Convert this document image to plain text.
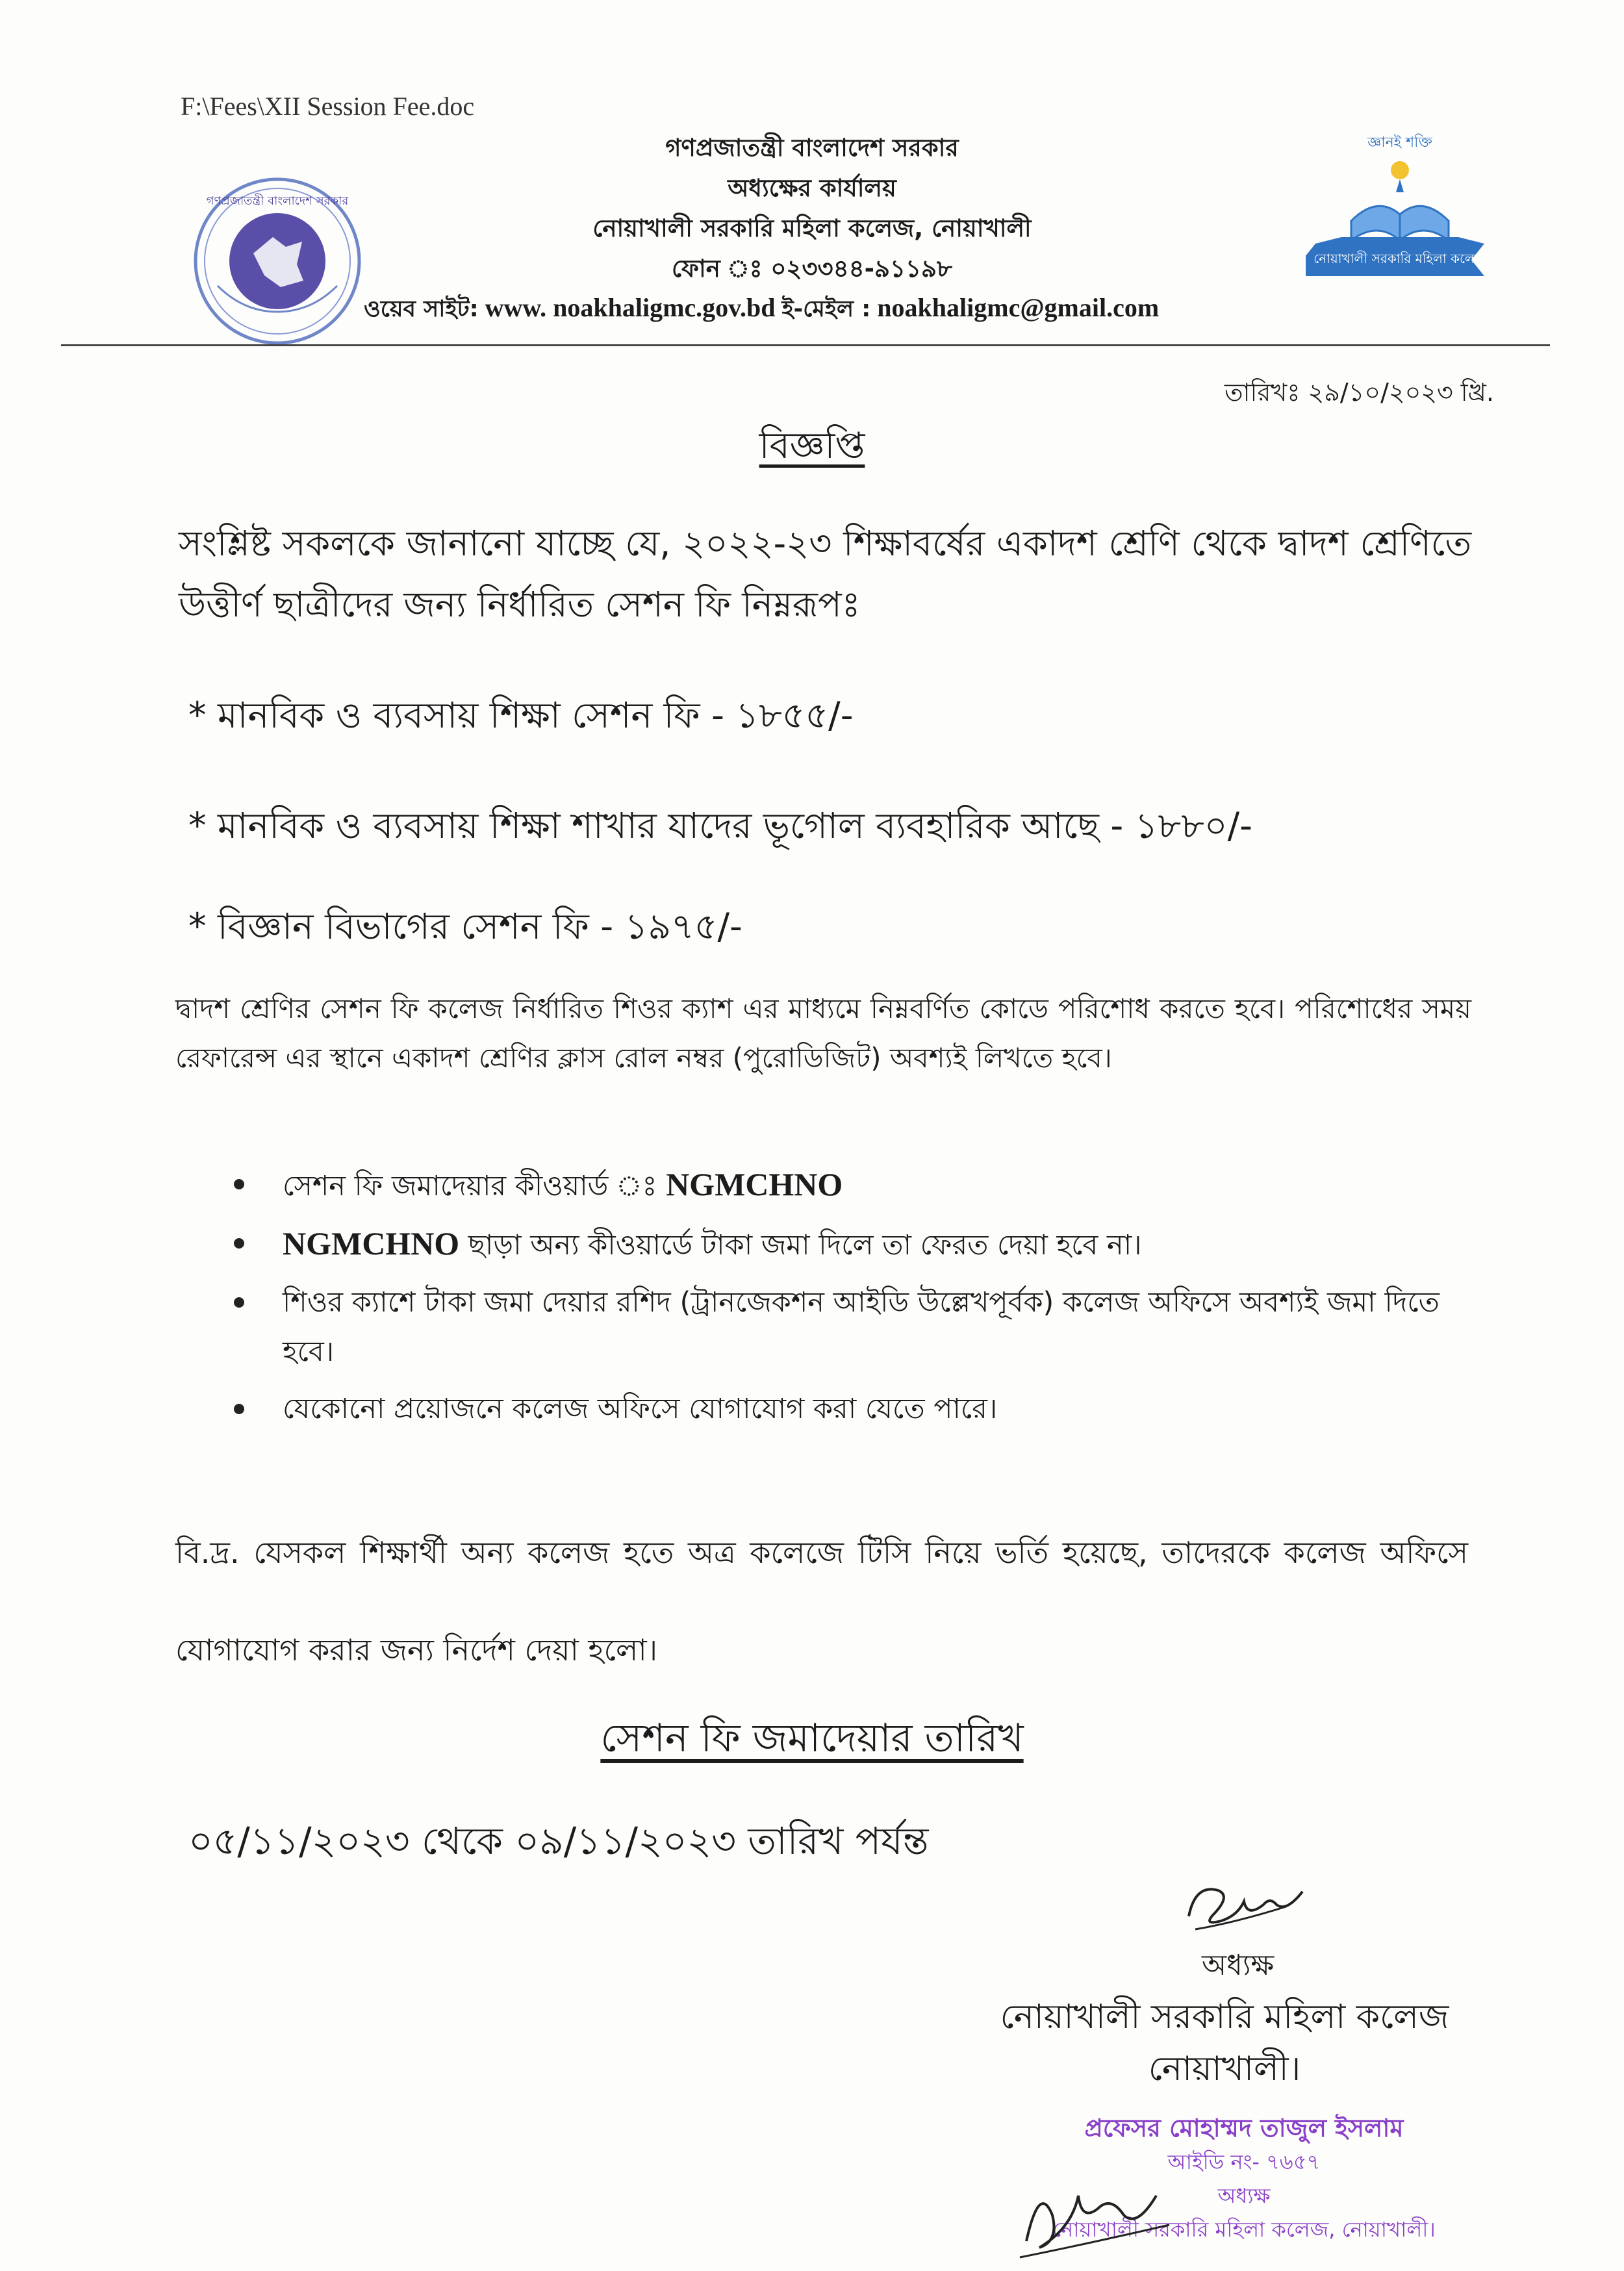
F:\Fees\XII Session Fee.doc
গণপ্রজাতন্ত্রী বাংলাদেশ সরকার
গণপ্রজাতন্ত্রী বাংলাদেশ সরকার
অধ্যক্ষের কার্যালয়
নোয়াখালী সরকারি মহিলা কলেজ, নোয়াখালী
ফোন ঃ ০২৩৩৪৪-৯১১৯৮
ওয়েব সাইট: www. noakhaligmc.gov.bd ই-মেইল : noakhaligmc@gmail.com
জ্ঞানই শক্তি
নোয়াখালী সরকারি মহিলা কলেজ
তারিখঃ ২৯/১০/২০২৩ খ্রি.
বিজ্ঞপ্তি
সংশ্লিষ্ট সকলকে জানানো যাচ্ছে যে, ২০২২-২৩ শিক্ষাবর্ষের একাদশ শ্রেণি থেকে দ্বাদশ শ্রেণিতে উত্তীর্ণ ছাত্রীদের জন্য নির্ধারিত সেশন ফি নিম্নরূপঃ
* মানবিক ও ব্যবসায় শিক্ষা সেশন ফি - ১৮৫৫/-
* মানবিক ও ব্যবসায় শিক্ষা শাখার যাদের ভূগোল ব্যবহারিক আছে - ১৮৮০/-
* বিজ্ঞান বিভাগের সেশন ফি - ১৯৭৫/-
দ্বাদশ শ্রেণির সেশন ফি কলেজ নির্ধারিত শিওর ক্যাশ এর মাধ্যমে নিম্নবর্ণিত কোডে পরিশোধ করতে হবে। পরিশোধের সময় রেফারেন্স এর স্থানে একাদশ শ্রেণির ক্লাস রোল নম্বর (পুরোডিজিট) অবশ্যই লিখতে হবে।
সেশন ফি জমাদেয়ার কীওয়ার্ড ঃ NGMCHNO
NGMCHNO ছাড়া অন্য কীওয়ার্ডে টাকা জমা দিলে তা ফেরত দেয়া হবে না।
শিওর ক্যাশে টাকা জমা দেয়ার রশিদ (ট্রানজেকশন আইডি উল্লেখপূর্বক) কলেজ অফিসে অবশ্যই জমা দিতে হবে।
যেকোনো প্রয়োজনে কলেজ অফিসে যোগাযোগ করা যেতে পারে।
বি.দ্র. যেসকল শিক্ষার্থী অন্য কলেজ হতে অত্র কলেজে টিসি নিয়ে ভর্তি হয়েছে, তাদেরকে কলেজ অফিসে যোগাযোগ করার জন্য নির্দেশ দেয়া হলো।
সেশন ফি জমাদেয়ার তারিখ
০৫/১১/২০২৩ থেকে ০৯/১১/২০২৩ তারিখ পর্যন্ত
অধ্যক্ষ
নোয়াখালী সরকারি মহিলা কলেজ
নোয়াখালী।
প্রফেসর মোহাম্মদ তাজুল ইসলাম
আইডি নং- ৭৬৫৭
অধ্যক্ষ
নোয়াখালী সরকারি মহিলা কলেজ, নোয়াখালী।
